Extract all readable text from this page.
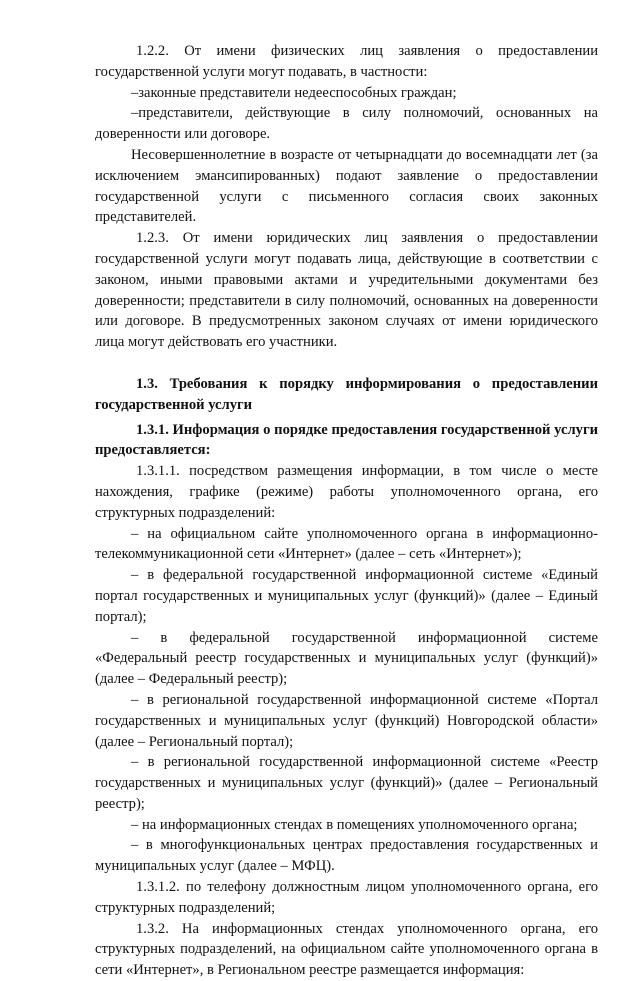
1.2.2. От имени физических лиц заявления о предоставлении государственной услуги могут подавать, в частности:

–законные представители недееспособных граждан;

–представители, действующие в силу полномочий, основанных на доверенности или договоре.

Несовершеннолетние в возрасте от четырнадцати до восемнадцати лет (за исключением эмансипированных) подают заявление о предоставлении государственной услуги с письменного согласия своих законных представителей.

1.2.3. От имени юридических лиц заявления о предоставлении государственной услуги могут подавать лица, действующие в соответствии с законом, иными правовыми актами и учредительными документами без доверенности; представители в силу полномочий, основанных на доверенности или договоре. В предусмотренных законом случаях от имени юридического лица могут действовать его участники.

1.3. Требования к порядку информирования о предоставлении государственной услуги

1.3.1. Информация о порядке предоставления государственной услуги предоставляется:

1.3.1.1. посредством размещения информации, в том числе о месте нахождения, графике (режиме) работы уполномоченного органа, его структурных подразделений:

– на официальном сайте уполномоченного органа в информационно-телекоммуникационной сети «Интернет» (далее – сеть «Интернет»);

– в федеральной государственной информационной системе «Единый портал государственных и муниципальных услуг (функций)» (далее – Единый портал);

– в федеральной государственной информационной системе «Федеральный реестр государственных и муниципальных услуг (функций)» (далее – Федеральный реестр);

– в региональной государственной информационной системе «Портал государственных и муниципальных услуг (функций) Новгородской области» (далее – Региональный портал);

– в региональной государственной информационной системе «Реестр государственных и муниципальных услуг (функций)» (далее – Региональный реестр);

– на информационных стендах в помещениях уполномоченного органа;

– в многофункциональных центрах предоставления государственных и муниципальных услуг (далее – МФЦ).

1.3.1.2. по телефону должностным лицом уполномоченного органа, его структурных подразделений;

1.3.2. На информационных стендах уполномоченного органа, его структурных подразделений, на официальном сайте уполномоченного органа в сети «Интернет», в Региональном реестре размещается информация:
